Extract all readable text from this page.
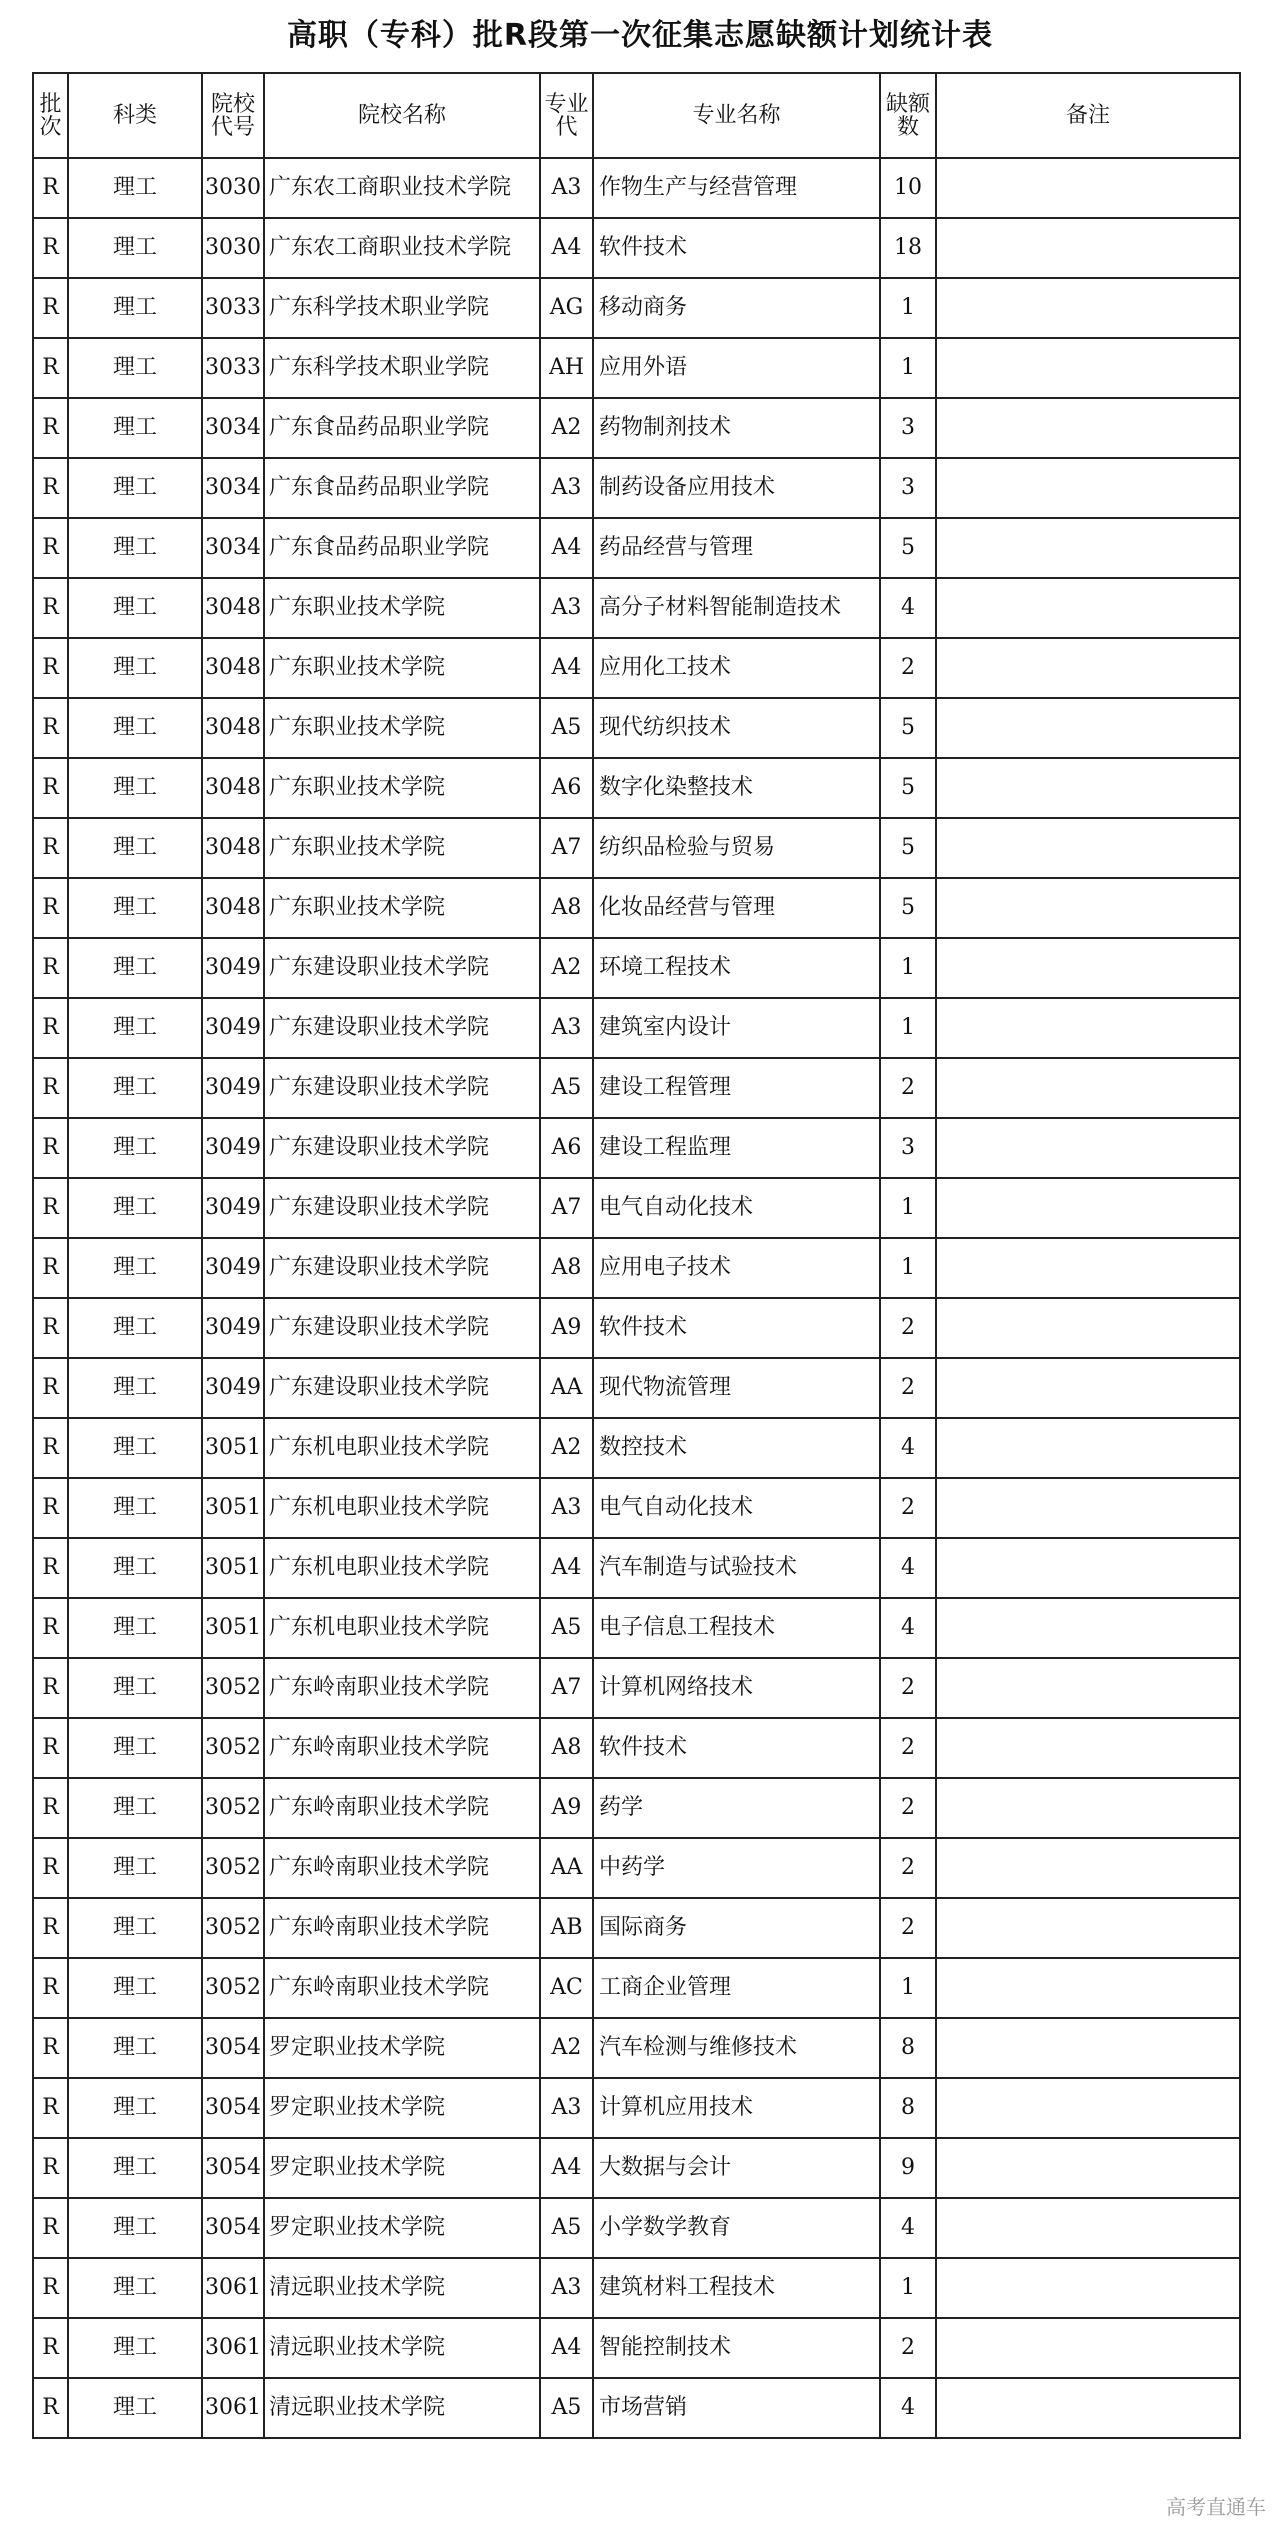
高职（专科）批R段第一次征集志愿缺额计划统计表
批次	科类	院校代号	院校名称	专业代	专业名称	缺额数	备注
R	理工	3030	广东农工商职业技术学院	A3	作物生产与经营管理	10	
R	理工	3030	广东农工商职业技术学院	A4	软件技术	18	
R	理工	3033	广东科学技术职业学院	AG	移动商务	1	
R	理工	3033	广东科学技术职业学院	AH	应用外语	1	
R	理工	3034	广东食品药品职业学院	A2	药物制剂技术	3	
R	理工	3034	广东食品药品职业学院	A3	制药设备应用技术	3	
R	理工	3034	广东食品药品职业学院	A4	药品经营与管理	5	
R	理工	3048	广东职业技术学院	A3	高分子材料智能制造技术	4	
R	理工	3048	广东职业技术学院	A4	应用化工技术	2	
R	理工	3048	广东职业技术学院	A5	现代纺织技术	5	
R	理工	3048	广东职业技术学院	A6	数字化染整技术	5	
R	理工	3048	广东职业技术学院	A7	纺织品检验与贸易	5	
R	理工	3048	广东职业技术学院	A8	化妆品经营与管理	5	
R	理工	3049	广东建设职业技术学院	A2	环境工程技术	1	
R	理工	3049	广东建设职业技术学院	A3	建筑室内设计	1	
R	理工	3049	广东建设职业技术学院	A5	建设工程管理	2	
R	理工	3049	广东建设职业技术学院	A6	建设工程监理	3	
R	理工	3049	广东建设职业技术学院	A7	电气自动化技术	1	
R	理工	3049	广东建设职业技术学院	A8	应用电子技术	1	
R	理工	3049	广东建设职业技术学院	A9	软件技术	2	
R	理工	3049	广东建设职业技术学院	AA	现代物流管理	2	
R	理工	3051	广东机电职业技术学院	A2	数控技术	4	
R	理工	3051	广东机电职业技术学院	A3	电气自动化技术	2	
R	理工	3051	广东机电职业技术学院	A4	汽车制造与试验技术	4	
R	理工	3051	广东机电职业技术学院	A5	电子信息工程技术	4	
R	理工	3052	广东岭南职业技术学院	A7	计算机网络技术	2	
R	理工	3052	广东岭南职业技术学院	A8	软件技术	2	
R	理工	3052	广东岭南职业技术学院	A9	药学	2	
R	理工	3052	广东岭南职业技术学院	AA	中药学	2	
R	理工	3052	广东岭南职业技术学院	AB	国际商务	2	
R	理工	3052	广东岭南职业技术学院	AC	工商企业管理	1	
R	理工	3054	罗定职业技术学院	A2	汽车检测与维修技术	8	
R	理工	3054	罗定职业技术学院	A3	计算机应用技术	8	
R	理工	3054	罗定职业技术学院	A4	大数据与会计	9	
R	理工	3054	罗定职业技术学院	A5	小学数学教育	4	
R	理工	3061	清远职业技术学院	A3	建筑材料工程技术	1	
R	理工	3061	清远职业技术学院	A4	智能控制技术	2	
R	理工	3061	清远职业技术学院	A5	市场营销	4	
高考直通车
